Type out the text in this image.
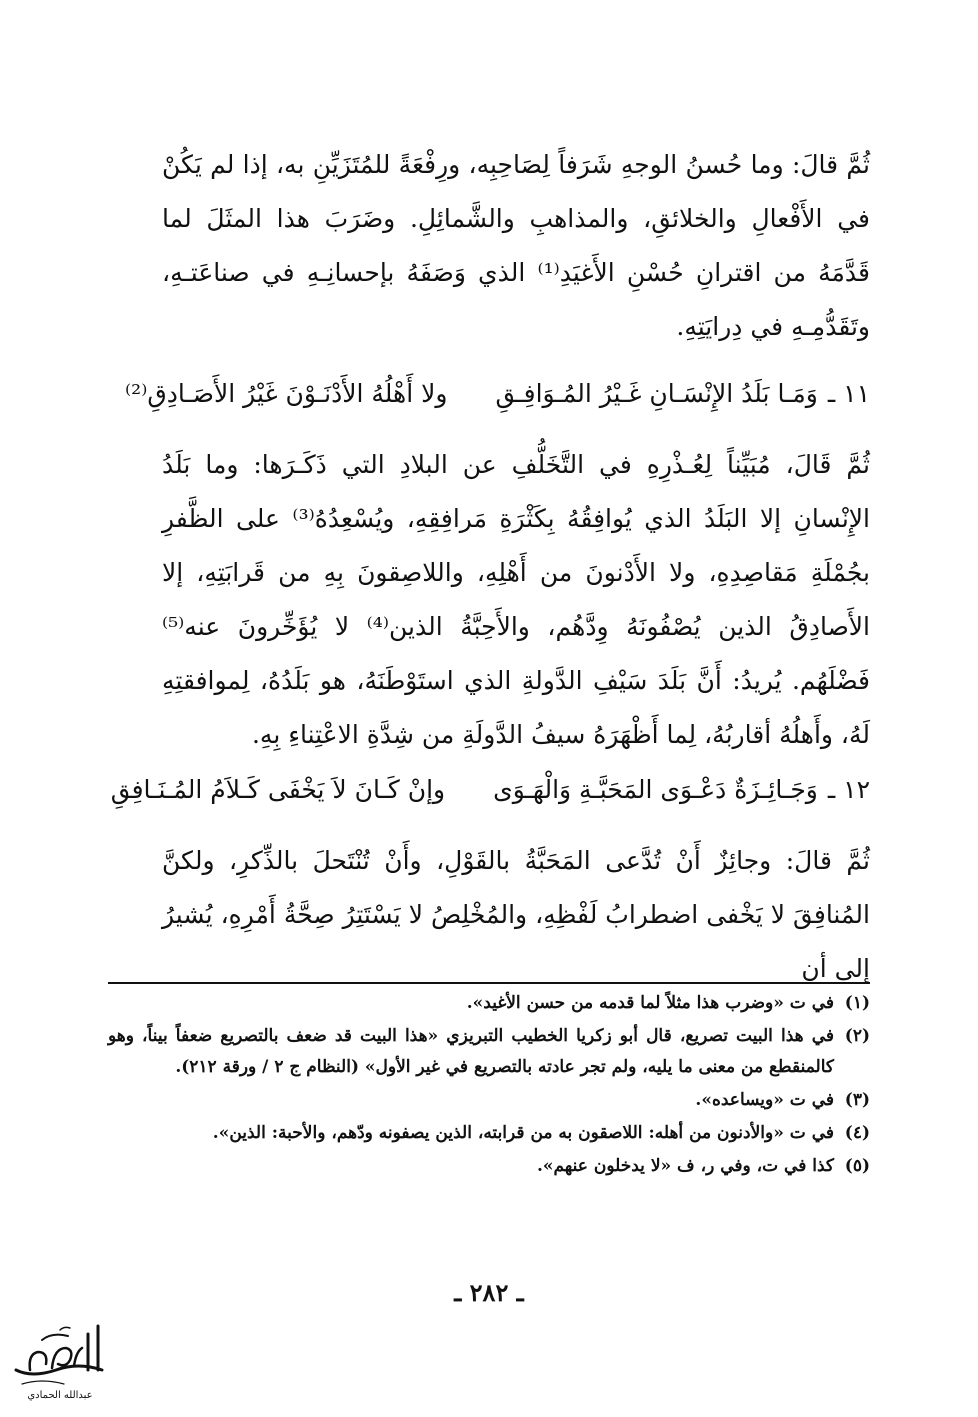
ثُمَّ قالَ: وما حُسنُ الوجهِ شَرَفاً لِصَاحِبِه، ورِفْعَةً للمُتَزَيِّنِ به، إذا لم يَكُنْ في الأَفْعالِ والخلائقِ، والمذاهبِ والشَّمائِلِ. وضَرَبَ هذا المثَلَ لما قَدَّمَهُ من اقترانِ حُسْنِ الأَغيَدِ⁽¹⁾ الذي وَصَفَهُ بإحسانِـهِ في صناعَتـهِ، وتَقَدُّمِـهِ في دِرايَتِهِ.

١١ ـ
وَمَـا بَلَدُ الإِنْسَـانِ غَـيْرُ المُـوَافِـقِ
ولا أَهْلُهُ الأَدْنَـوْنَ غَيْرُ الأَصَـادِقِ⁽²⁾

ثُمَّ قَالَ، مُبَيِّناً لِعُـذْرِهِ في التَّخَلُّفِ عن البلادِ التي ذَكَـرَها: وما بَلَدُ الإِنْسانِ إلا البَلَدُ الذي يُوافِقُهُ بِكَثْرَةِ مَرافِقِهِ، ويُسْعِدُهُ⁽³⁾ على الظَّفرِ بجُمْلَةِ مَقاصِدِهِ، ولا الأَدْنونَ من أَهْلِهِ، واللاصِقونَ بِهِ من قَرابَتِهِ، إلا الأَصادِقُ الذين يُصْفُونَهُ وِدَّهُم، والأَحِبَّةُ الذين⁽⁴⁾ لا يُؤَخِّرونَ عنه⁽⁵⁾ فَضْلَهُم. يُريدُ: أَنَّ بَلَدَ سَيْفِ الدَّولةِ الذي استَوْطَنَهُ، هو بَلَدُهُ، لِموافقتِهِ لَهُ، وأَهلُهُ أقاربُهُ، لِما أَظْهَرَهُ سيفُ الدَّولَةِ من شِدَّةِ الاعْتِناءِ بِهِ.

١٢ ـ
وَجَـائِـزَةٌ دَعْـوَى المَحَبَّـةِ وَالْهَـوَى
وإنْ كَـانَ لاَ يَخْفَى كَـلاَمُ المُـنَـافِقِ

ثُمَّ قالَ: وجائِزٌ أَنْ تُدَّعى المَحَبَّةُ بالقَوْلِ، وأَنْ تُنْتَحلَ بالذِّكرِ، ولكنَّ المُنافِقَ لا يَخْفى اضطرابُ لَفْظِهِ، والمُخْلِصُ لا يَسْتَتِرُ صِحَّةُ أَمْرِهِ، يُشيرُ إلى أن

(١)
في ت «وضرب هذا مثلاً لما قدمه من حسن الأغيد».
(٢)
في هذا البيت تصريع، قال أبو زكريا الخطيب التبريزي «هذا البيت قد ضعف بالتصريع ضعفاً بيناً، وهو كالمنقطع من معنى ما يليه، ولم تجر عادته بالتصريع في غير الأول» (النظام ج ٢ / ورقة ٢١٢).
(٣)
في ت «ويساعده».
(٤)
في ت «والأدنون من أهله: اللاصقون به من قرابته، الذين يصفونه ودّهم، والأحبة: الذين».
(٥)
كذا في ت، وفي ر، ف «لا يدخلون عنهم».
ـ ٢٨٢ ـ
عبدالله الحمادي
